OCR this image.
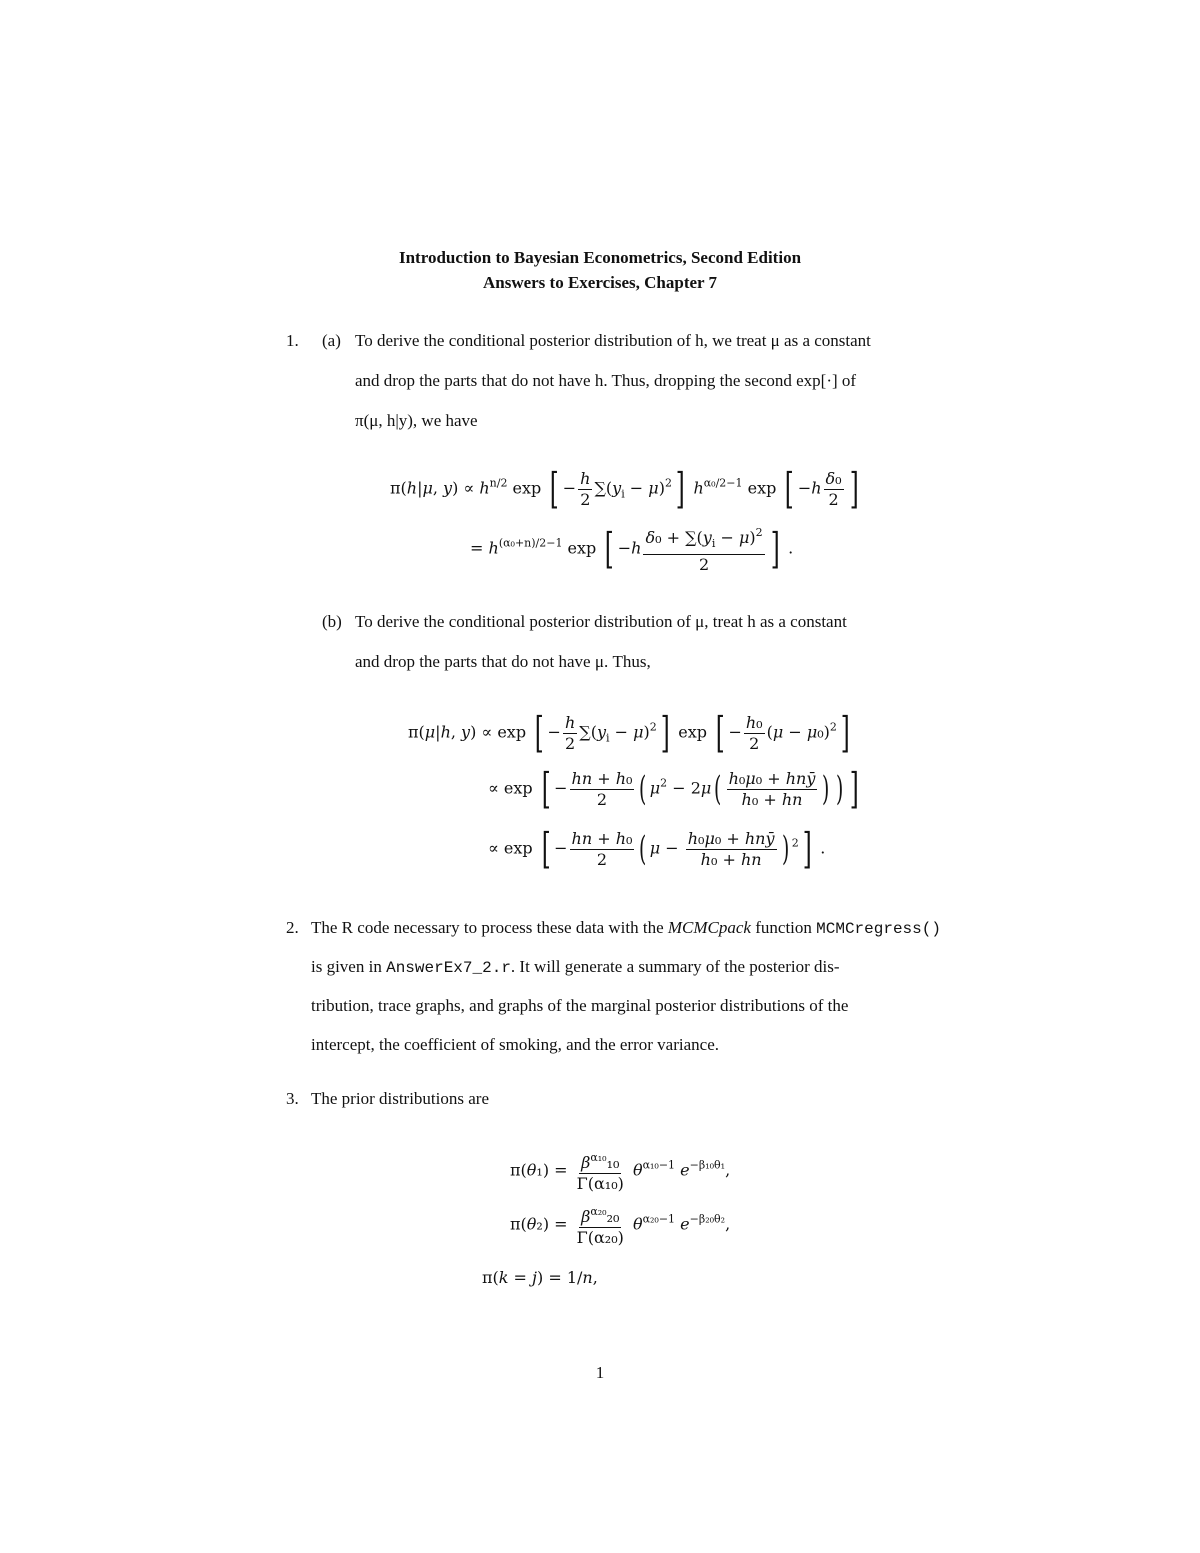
Introduction to Bayesian Econometrics, Second Edition
Answers to Exercises, Chapter 7
1. (a) To derive the conditional posterior distribution of h, we treat μ as a constant
and drop the parts that do not have h. Thus, dropping the second exp[·] of
π(μ, h|y), we have
π(h|μ, $y) \propto h^{n/2}$ exp [ − $\frac{h}{2} \sum(y_i - \mu)^2$] $h^{\alpha_0/2-1}$ exp [ $-h \frac{\text{δ₀}}{2}$ ]
= $h^{(\alpha_0+n)/2-1}$ exp [ $-h \frac{\delta_0 + \sum(y_i - \mu)^2}{2}$ ] .
(b) To derive the conditional posterior distribution of μ, treat h as a constant
and drop the parts that do not have μ. Thus,
π(μ|h, y) ∝ exp [ − $\frac{h}{2} \sum(y_i - \mu)^2$] exp [ − $\frac{\text{h₀}}{2} (\mu - \mu_0)^2$]
∝ exp [ − $\frac{\text{hn + h₀}}{2}$ ( $\mu^2 - 2\mu( \frac{\text{h₀μ₀ + hnȳ}}{\text{h₀ + hn}}$ ) ) ]
∝ exp [ − $\frac{\text{hn + h₀}}{2}$ ( $\mu - \frac{\text{h₀μ₀ + hnȳ}}{\text{h₀ + hn}}$ ) $^2$] .
2. The R code necessary to process these data with the MCMCpack function MCMCregress()
is given in AnswerEx7_2.r. It will generate a summary of the posterior dis-
tribution, trace graphs, and graphs of the marginal posterior distributions of the
intercept, the coefficient of smoking, and the error variance.
3. The prior distributions are
$\pi(\theta_1) = \frac{\beta^{\alpha_{10}}_{10}}{\text{Γ(α₁₀)}} \theta^{\alpha_{10}-1}$ $e^{-\beta_{10}\theta_1}$,
$\pi(\theta_2) = \frac{\beta^{\alpha_{20}}_{20}}{\text{Γ(α₂₀)}} \theta^{\alpha_{20}-1}$ $e^{-\beta_{20}\theta_2}$,
π(k = j) = 1/n,
1
